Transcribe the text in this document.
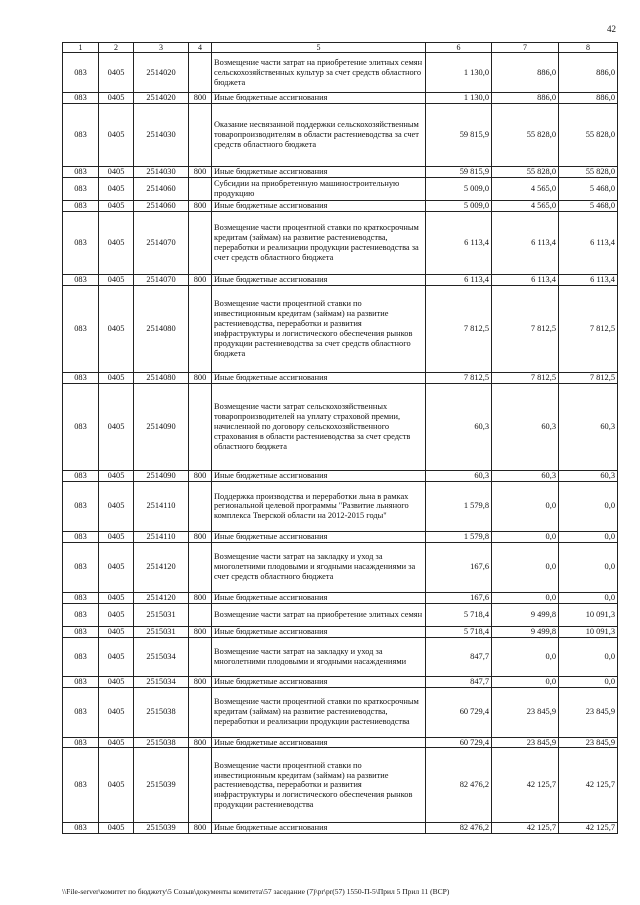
42
1	2	3	4	5	6	7	8
083	0405	2514020		Возмещение части затрат на приобретение элитных семян сельскохозяйственных культур за счет средств областного бюджета	1 130,0	886,0	886,0
083	0405	2514020	800	Иные бюджетные ассигнования	1 130,0	886,0	886,0
083	0405	2514030		Оказание несвязанной поддержки сельскохозяйственным товаропроизводителям в области растениеводства за счет средств областного бюджета	59 815,9	55 828,0	55 828,0
083	0405	2514030	800	Иные бюджетные ассигнования	59 815,9	55 828,0	55 828,0
083	0405	2514060		Субсидии на приобретенную машиностроительную продукцию	5 009,0	4 565,0	5 468,0
083	0405	2514060	800	Иные бюджетные ассигнования	5 009,0	4 565,0	5 468,0
083	0405	2514070		Возмещение части процентной ставки по краткосрочным кредитам (займам) на развитие растениеводства, переработки и реализации продукции растениеводства за счет средств областного бюджета	6 113,4	6 113,4	6 113,4
083	0405	2514070	800	Иные бюджетные ассигнования	6 113,4	6 113,4	6 113,4
083	0405	2514080		Возмещение части процентной ставки по инвестиционным кредитам (займам) на развитие растениеводства, переработки и развития инфраструктуры и логистического обеспечения рынков продукции растениеводства за счет средств областного бюджета	7 812,5	7 812,5	7 812,5
083	0405	2514080	800	Иные бюджетные ассигнования	7 812,5	7 812,5	7 812,5
083	0405	2514090		Возмещение части затрат сельскохозяйственных товаропроизводителей на уплату страховой премии, начисленной по договору сельскохозяйственного страхования в области растениеводства за счет средств областного бюджета	60,3	60,3	60,3
083	0405	2514090	800	Иные бюджетные ассигнования	60,3	60,3	60,3
083	0405	2514110		Поддержка производства и переработки льна в рамках региональной целевой программы "Развитие льняного комплекса Тверской области на 2012-2015 годы"	1 579,8	0,0	0,0
083	0405	2514110	800	Иные бюджетные ассигнования	1 579,8	0,0	0,0
083	0405	2514120		Возмещение части затрат на закладку и уход за многолетними плодовыми и ягодными насаждениями за счет средств областного бюджета	167,6	0,0	0,0
083	0405	2514120	800	Иные бюджетные ассигнования	167,6	0,0	0,0
083	0405	2515031		Возмещение части затрат на приобретение элитных семян	5 718,4	9 499,8	10 091,3
083	0405	2515031	800	Иные бюджетные ассигнования	5 718,4	9 499,8	10 091,3
083	0405	2515034		Возмещение части затрат на закладку и уход за многолетними плодовыми и ягодными насаждениями	847,7	0,0	0,0
083	0405	2515034	800	Иные бюджетные ассигнования	847,7	0,0	0,0
083	0405	2515038		Возмещение части процентной ставки по краткосрочным кредитам (займам) на развитие растениеводства, переработки и реализации продукции растениеводства	60 729,4	23 845,9	23 845,9
083	0405	2515038	800	Иные бюджетные ассигнования	60 729,4	23 845,9	23 845,9
083	0405	2515039		Возмещение части процентной ставки по инвестиционным кредитам (займам) на развитие растениеводства, переработки и развития инфраструктуры и логистического обеспечения рынков продукции растениеводства	82 476,2	42 125,7	42 125,7
083	0405	2515039	800	Иные бюджетные ассигнования	82 476,2	42 125,7	42 125,7
\\File-server\комитет по бюджету\5 Созыв\документы комитета\57 заседание (7)\pr\pr(57) 1550-П-5\Прил 5 Прил 11 (ВСР)
